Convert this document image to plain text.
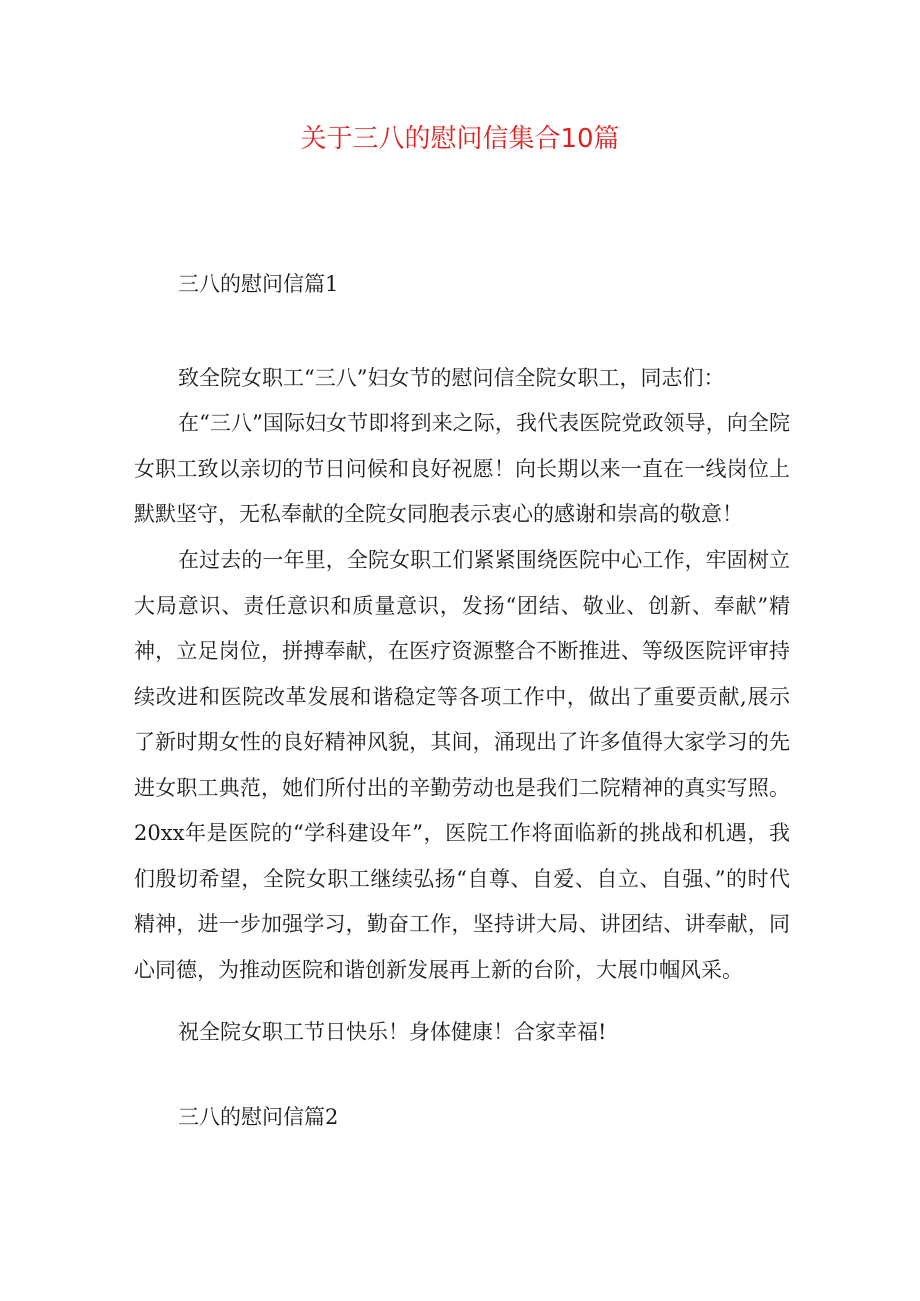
关于三八的慰问信集合10篇
三八的慰问信篇1

致全院女职工“三八”妇女节的慰问信全院女职工，同志们：

在“三八”国际妇女节即将到来之际，我代表医院党政领导，向全院女职工致以亲切的节日问候和良好祝愿！向长期以来一直在一线岗位上默默坚守，无私奉献的全院女同胞表示衷心的感谢和崇高的敬意！

在过去的一年里，全院女职工们紧紧围绕医院中心工作，牢固树立大局意识、责任意识和质量意识，发扬“团结、敬业、创新、奉献”精神，立足岗位，拼搏奉献，在医疗资源整合不断推进、等级医院评审持续改进和医院改革发展和谐稳定等各项工作中，做出了重要贡献,展示了新时期女性的良好精神风貌，其间，涌现出了许多值得大家学习的先进女职工典范，她们所付出的辛勤劳动也是我们二院精神的真实写照。20xx年是医院的“学科建设年”，医院工作将面临新的挑战和机遇，我们殷切希望，全院女职工继续弘扬“自尊、自爱、自立、自强、”的时代精神，进一步加强学习，勤奋工作，坚持讲大局、讲团结、讲奉献，同心同德，为推动医院和谐创新发展再上新的台阶，大展巾帼风采。

祝全院女职工节日快乐！身体健康！合家幸福!

三八的慰问信篇2
